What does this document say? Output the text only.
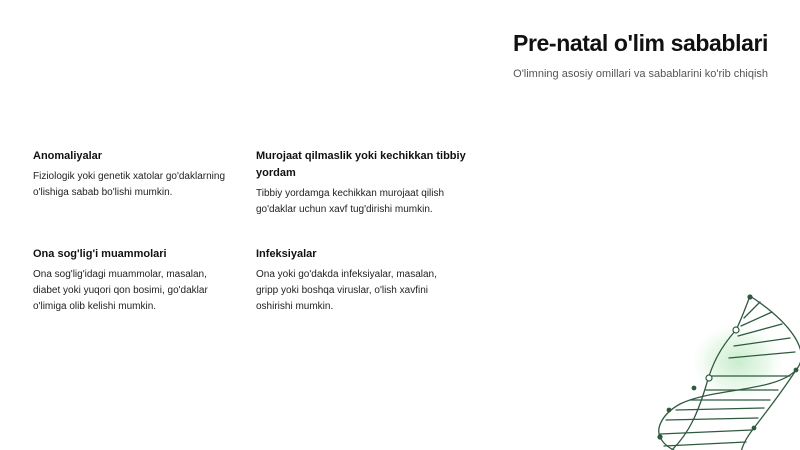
Pre-natal o'lim sabablari

O'limning asosiy omillari va sabablarini ko'rib chiqish

Anomaliyalar

Fiziologik yoki genetik xatolar go'daklarning o'lishiga sabab bo'lishi mumkin.

Murojaat qilmaslik yoki kechikkan tibbiy yordam

Tibbiy yordamga kechikkan murojaat qilish go'daklar uchun xavf tug'dirishi mumkin.

Ona sog'lig'i muammolari

Ona sog'lig'idagi muammolar, masalan, diabet yoki yuqori qon bosimi, go'daklar o'limiga olib kelishi mumkin.

Infeksiyalar

Ona yoki go'dakda infeksiyalar, masalan, gripp yoki boshqa viruslar, o'lish xavfini oshirishi mumkin.
